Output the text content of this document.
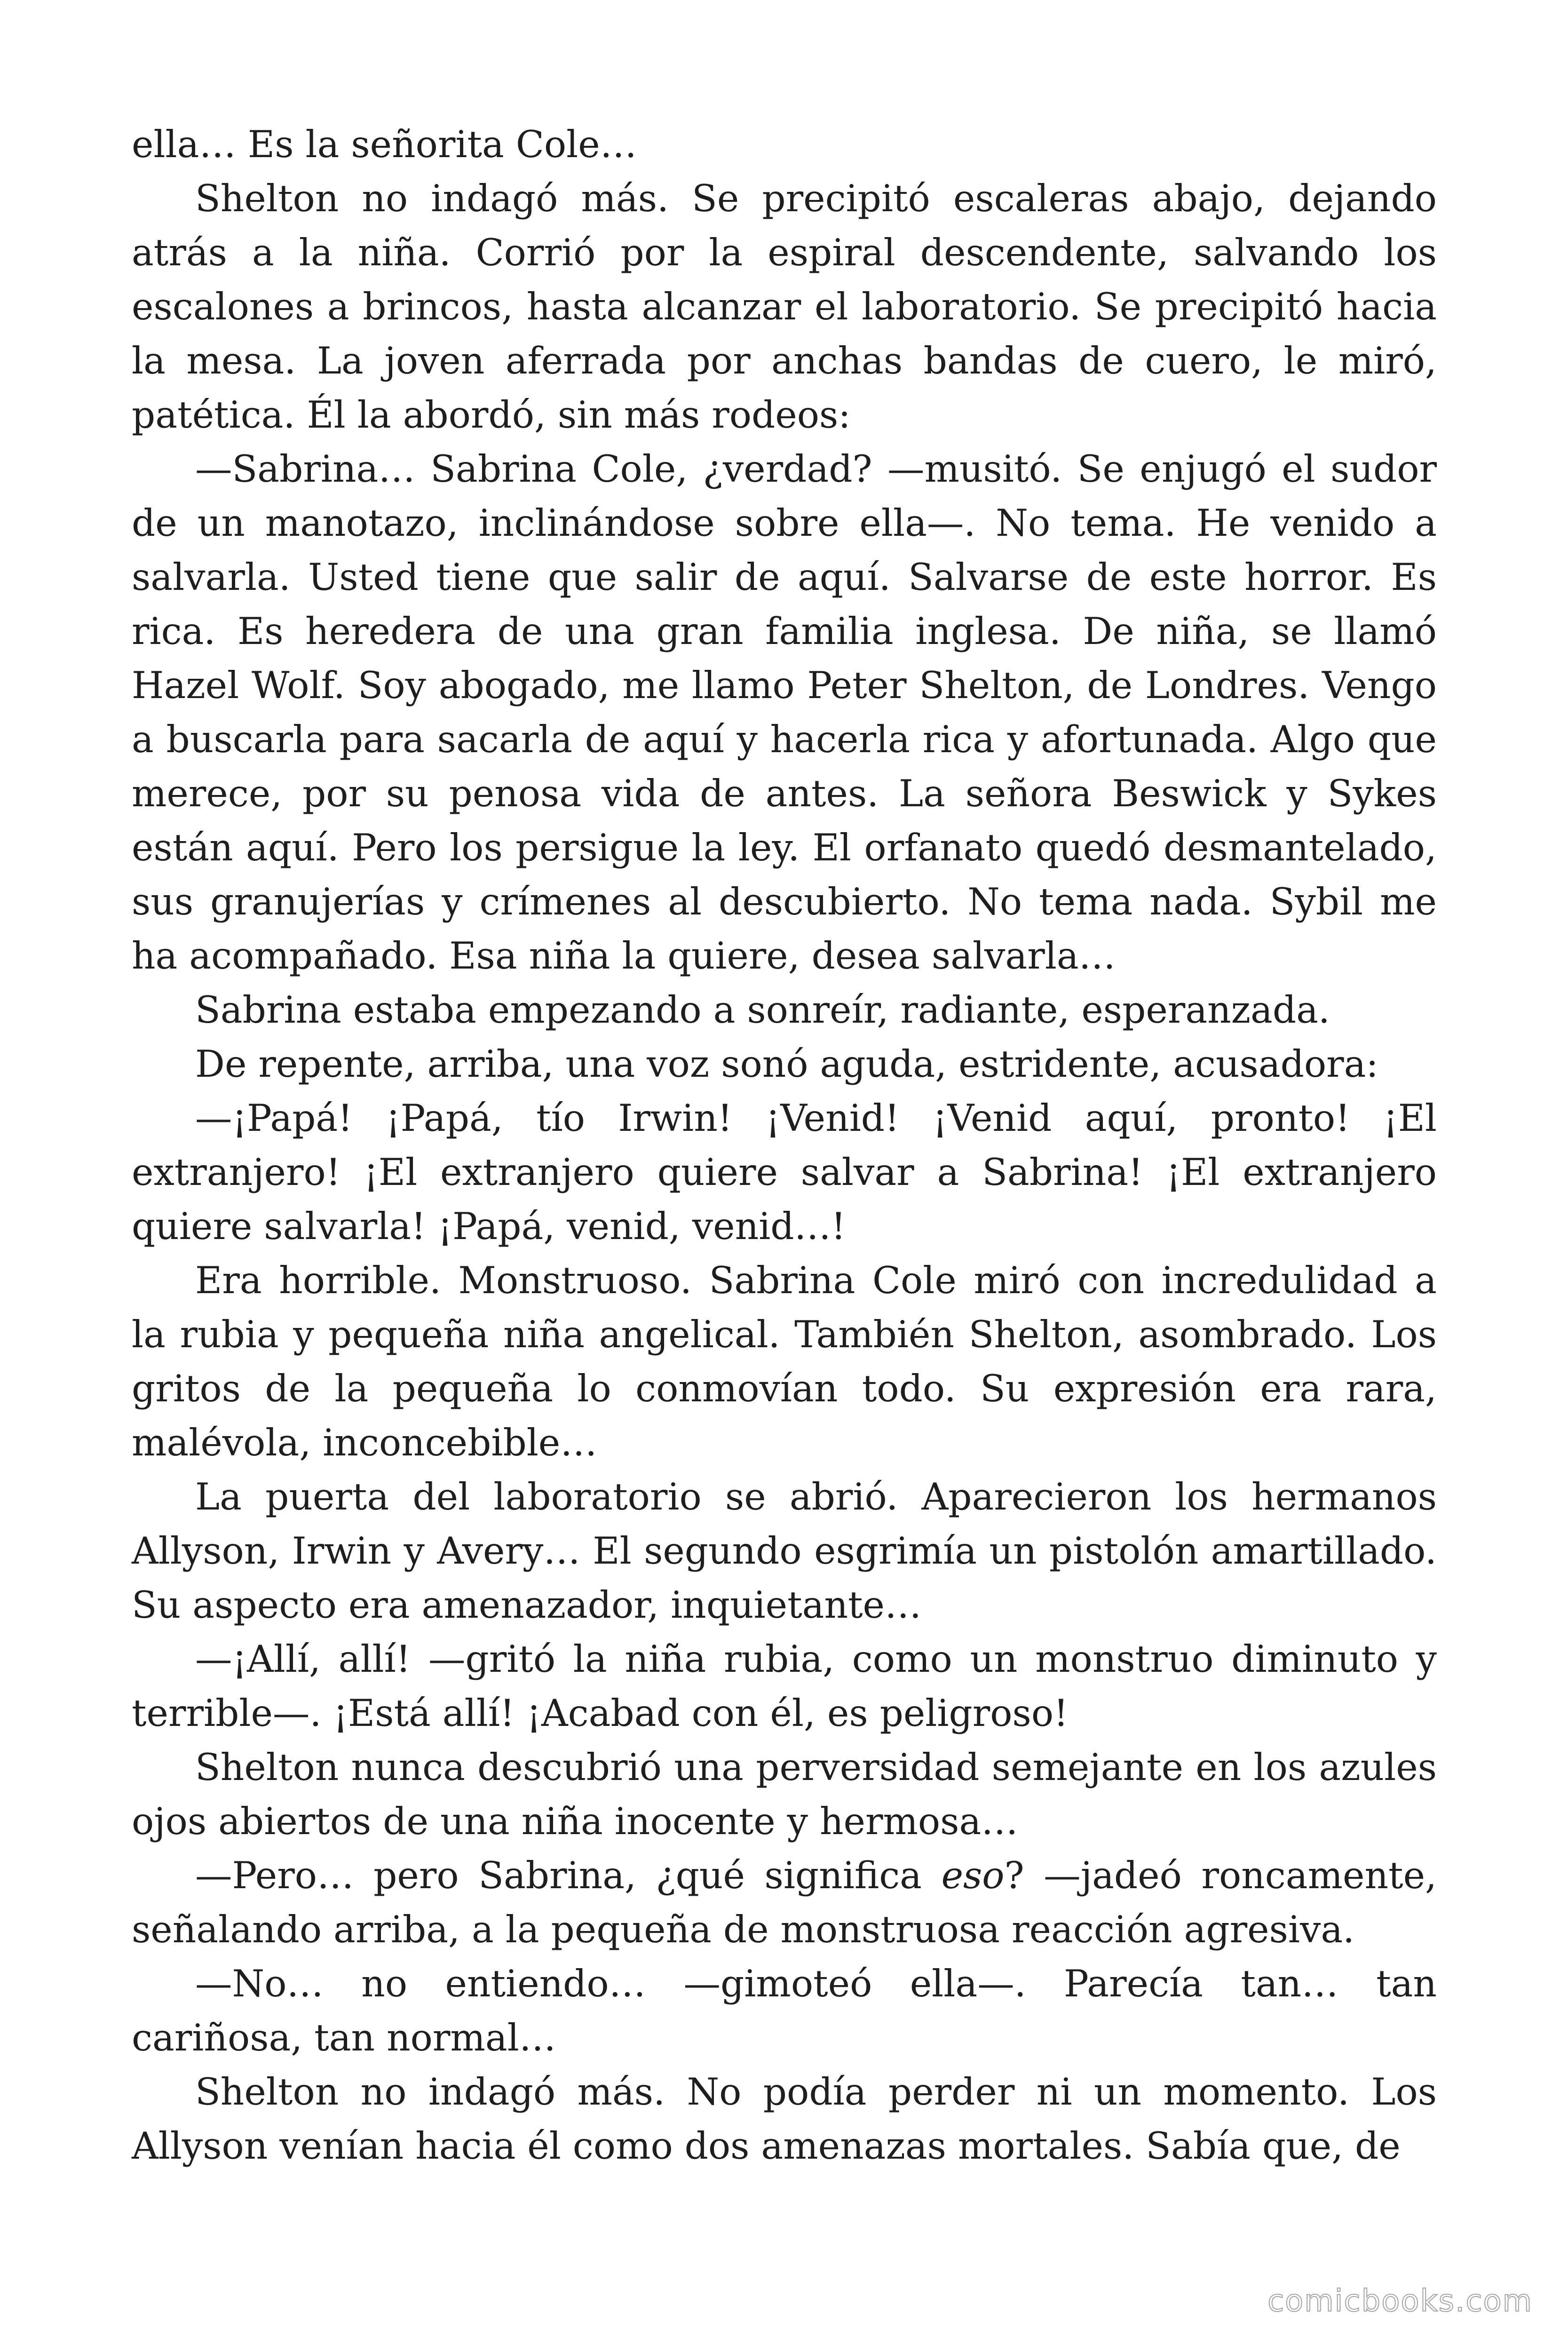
ella… Es la señorita Cole…

Shelton no indagó más. Se precipitó escaleras abajo, dejando atrás a la niña. Corrió por la espiral descendente, salvando los escalones a brincos, hasta alcanzar el laboratorio. Se precipitó hacia la mesa. La joven aferrada por anchas bandas de cuero, le miró, patética. Él la abordó, sin más rodeos:

—Sabrina… Sabrina Cole, ¿verdad? —musitó. Se enjugó el sudor de un manotazo, inclinándose sobre ella—. No tema. He venido a salvarla. Usted tiene que salir de aquí. Salvarse de este horror. Es rica. Es heredera de una gran familia inglesa. De niña, se llamó Hazel Wolf. Soy abogado, me llamo Peter Shelton, de Londres. Vengo a buscarla para sacarla de aquí y hacerla rica y afortunada. Algo que merece, por su penosa vida de antes. La señora Beswick y Sykes están aquí. Pero los persigue la ley. El orfanato quedó desmantelado, sus granujerías y crímenes al descubierto. No tema nada. Sybil me ha acompañado. Esa niña la quiere, desea salvarla…

Sabrina estaba empezando a sonreír, radiante, esperanzada.

De repente, arriba, una voz sonó aguda, estridente, acusadora:

—¡Papá! ¡Papá, tío Irwin! ¡Venid! ¡Venid aquí, pronto! ¡El extranjero! ¡El extranjero quiere salvar a Sabrina! ¡El extranjero quiere salvarla! ¡Papá, venid, venid…!

Era horrible. Monstruoso. Sabrina Cole miró con incredulidad a la rubia y pequeña niña angelical. También Shelton, asombrado. Los gritos de la pequeña lo conmovían todo. Su expresión era rara, malévola, inconcebible…

La puerta del laboratorio se abrió. Aparecieron los hermanos Allyson, Irwin y Avery… El segundo esgrimía un pistolón amartillado. Su aspecto era amenazador, inquietante…

—¡Allí, allí! —gritó la niña rubia, como un monstruo diminuto y terrible—. ¡Está allí! ¡Acabad con él, es peligroso!

Shelton nunca descubrió una perversidad semejante en los azules ojos abiertos de una niña inocente y hermosa…

—Pero… pero Sabrina, ¿qué significa eso? —jadeó roncamente, señalando arriba, a la pequeña de monstruosa reacción agresiva.

—No… no entiendo… —gimoteó ella—. Parecía tan… tan cariñosa, tan normal…

Shelton no indagó más. No podía perder ni un momento. Los Allyson venían hacia él como dos amenazas mortales. Sabía que, de

comicbooks.com
